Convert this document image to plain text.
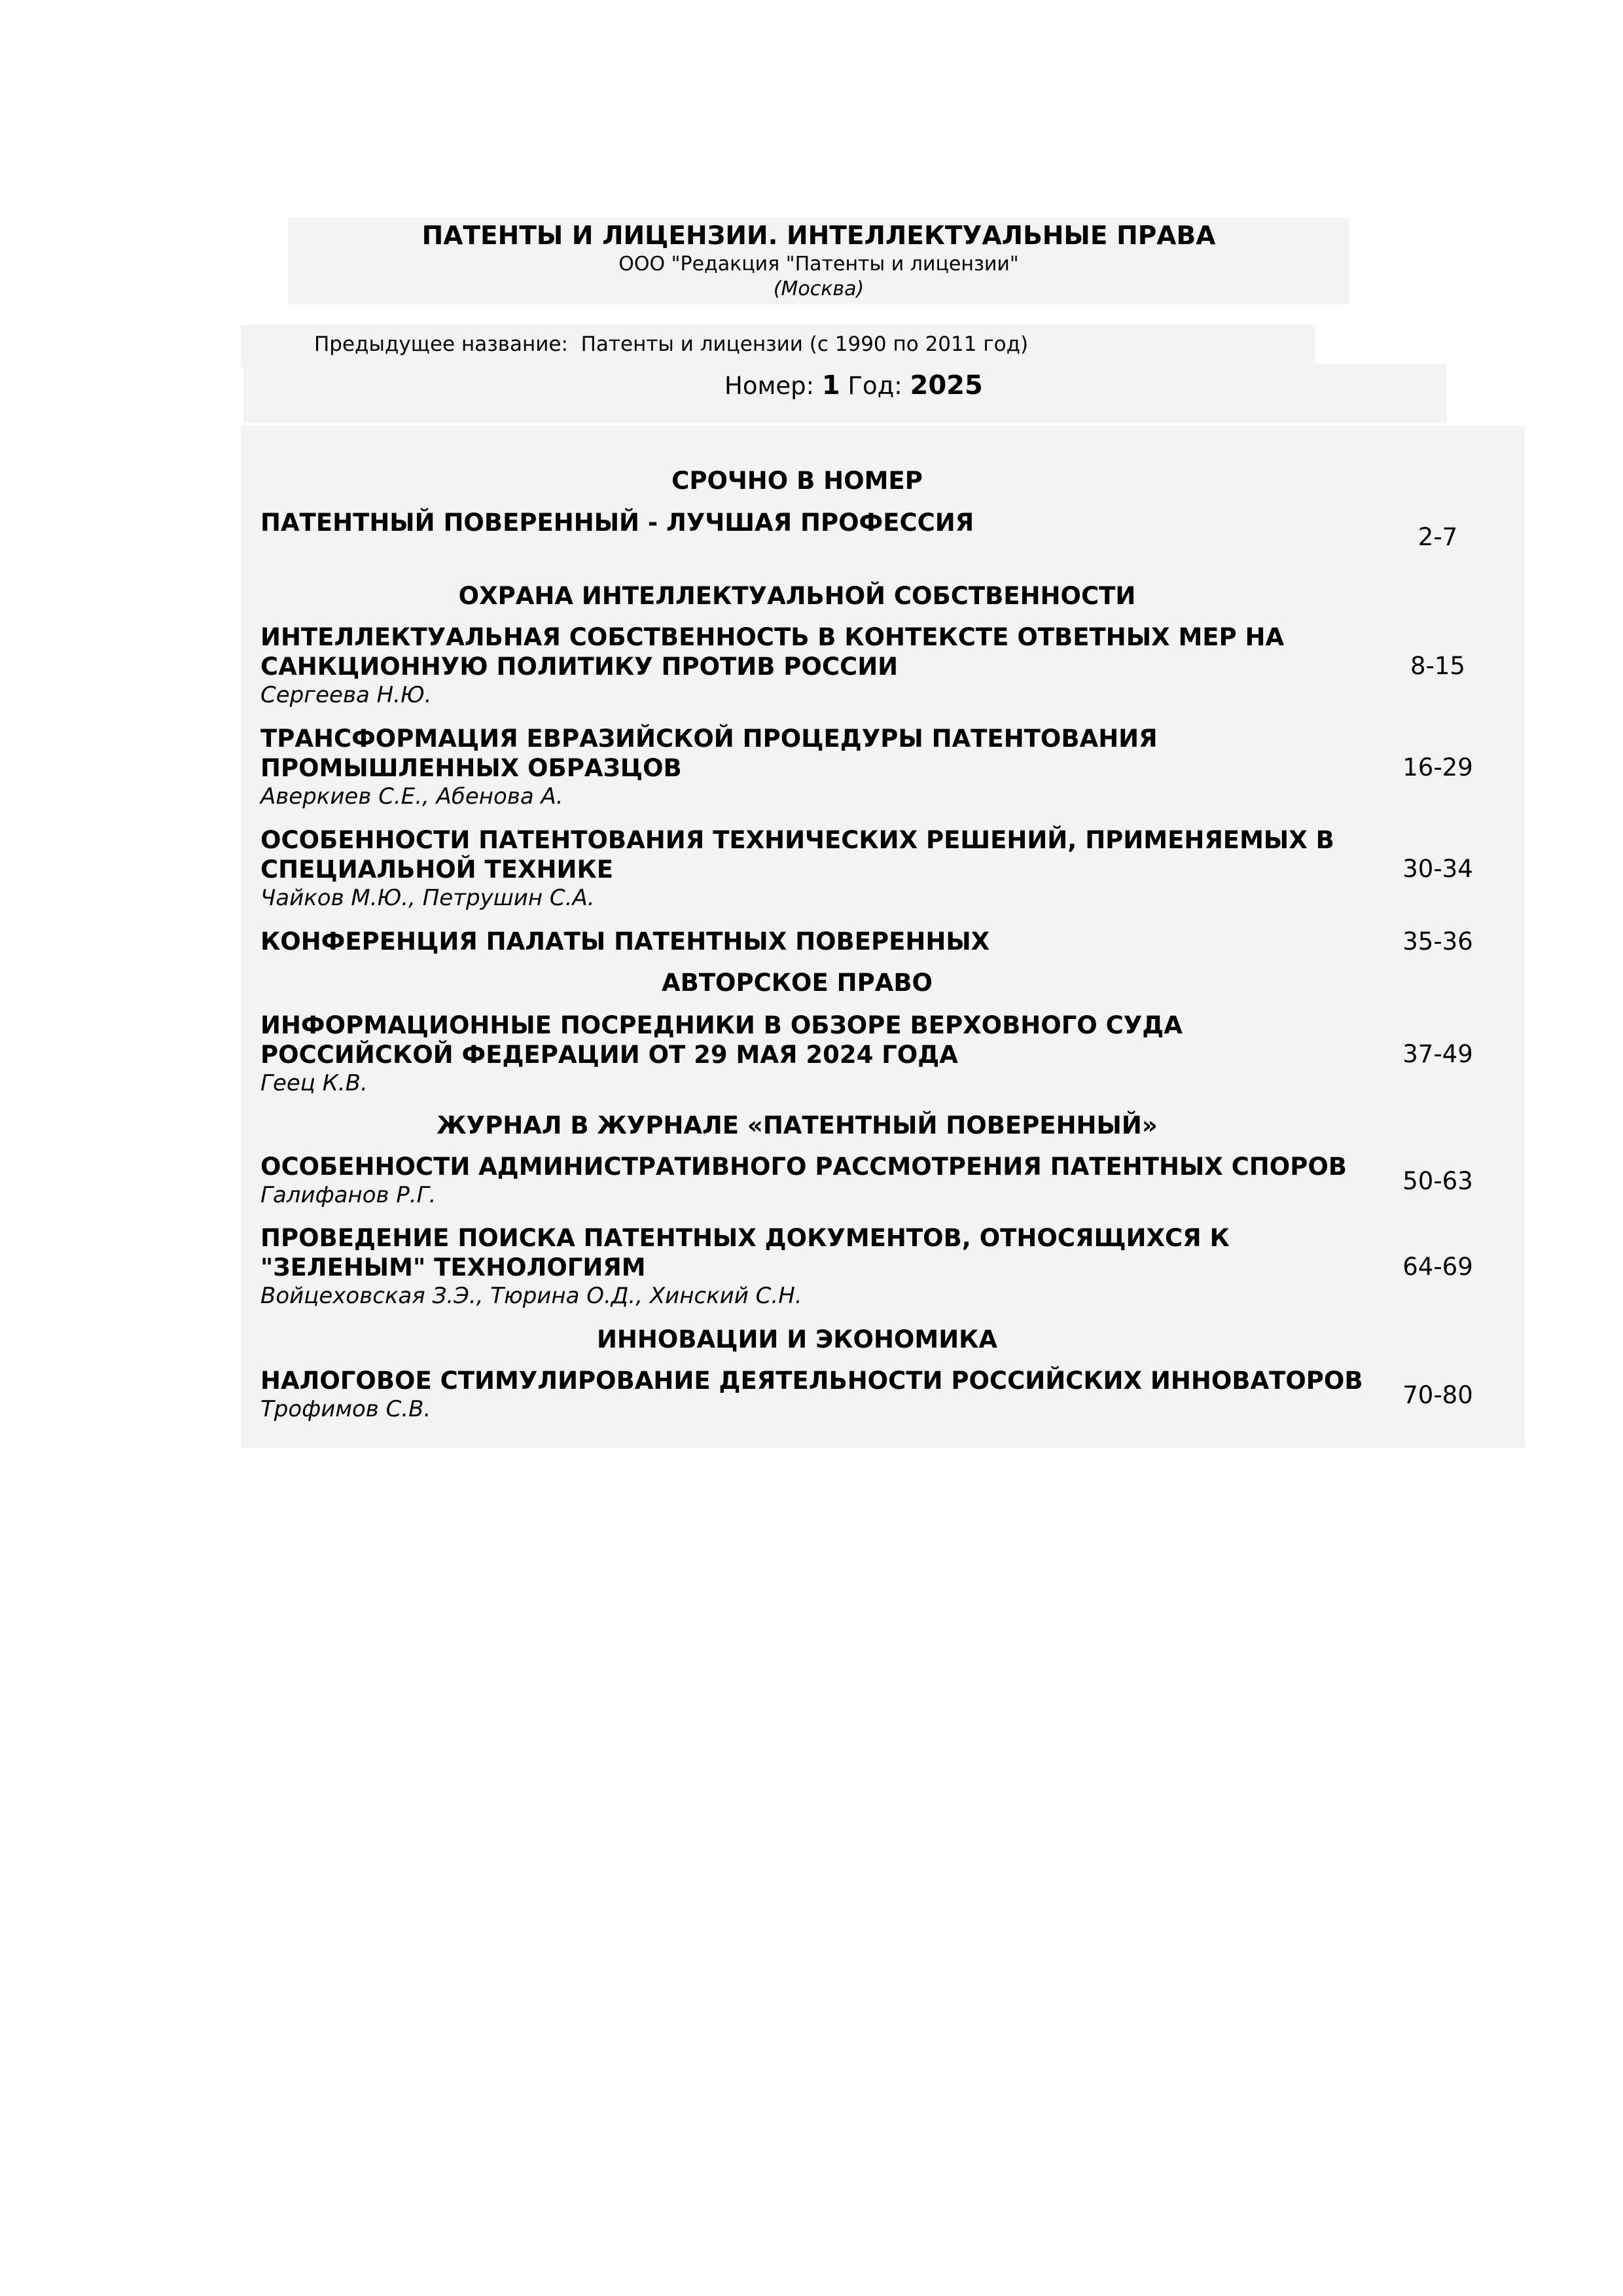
ПАТЕНТЫ И ЛИЦЕНЗИИ. ИНТЕЛЛЕКТУАЛЬНЫЕ ПРАВА
ООО "Редакция "Патенты и лицензии"
(Москва)
Предыдущее название: Патенты и лицензии (с 1990 по 2011 год)
Номер: 1 Год: 2025
СРОЧНО В НОМЕР
ПАТЕНТНЫЙ ПОВЕРЕННЫЙ - ЛУЧШАЯ ПРОФЕССИЯ
2-7
ОХРАНА ИНТЕЛЛЕКТУАЛЬНОЙ СОБСТВЕННОСТИ
ИНТЕЛЛЕКТУАЛЬНАЯ СОБСТВЕННОСТЬ В КОНТЕКСТЕ ОТВЕТНЫХ МЕР НА САНКЦИОННУЮ ПОЛИТИКУ ПРОТИВ РОССИИ
Сергеева Н.Ю.
8-15
ТРАНСФОРМАЦИЯ ЕВРАЗИЙСКОЙ ПРОЦЕДУРЫ ПАТЕНТОВАНИЯ ПРОМЫШЛЕННЫХ ОБРАЗЦОВ
Аверкиев С.Е., Абенова А.
16-29
ОСОБЕННОСТИ ПАТЕНТОВАНИЯ ТЕХНИЧЕСКИХ РЕШЕНИЙ, ПРИМЕНЯЕМЫХ В СПЕЦИАЛЬНОЙ ТЕХНИКЕ
Чайков М.Ю., Петрушин С.А.
30-34
КОНФЕРЕНЦИЯ ПАЛАТЫ ПАТЕНТНЫХ ПОВЕРЕННЫХ	35-36
АВТОРСКОЕ ПРАВО
ИНФОРМАЦИОННЫЕ ПОСРЕДНИКИ В ОБЗОРЕ ВЕРХОВНОГО СУДА РОССИЙСКОЙ ФЕДЕРАЦИИ ОТ 29 МАЯ 2024 ГОДА
Геец К.В.
37-49
ЖУРНАЛ В ЖУРНАЛЕ «ПАТЕНТНЫЙ ПОВЕРЕННЫЙ»
ОСОБЕННОСТИ АДМИНИСТРАТИВНОГО РАССМОТРЕНИЯ ПАТЕНТНЫХ СПОРОВ
Галифанов Р.Г.	50-63
ПРОВЕДЕНИЕ ПОИСКА ПАТЕНТНЫХ ДОКУМЕНТОВ, ОТНОСЯЩИХСЯ К "ЗЕЛЕНЫМ" ТЕХНОЛОГИЯМ
Войцеховская З.Э., Тюрина О.Д., Хинский С.Н.
64-69
ИННОВАЦИИ И ЭКОНОМИКА
НАЛОГОВОЕ СТИМУЛИРОВАНИЕ ДЕЯТЕЛЬНОСТИ РОССИЙСКИХ ИННОВАТОРОВ
Трофимов С.В.	70-80
